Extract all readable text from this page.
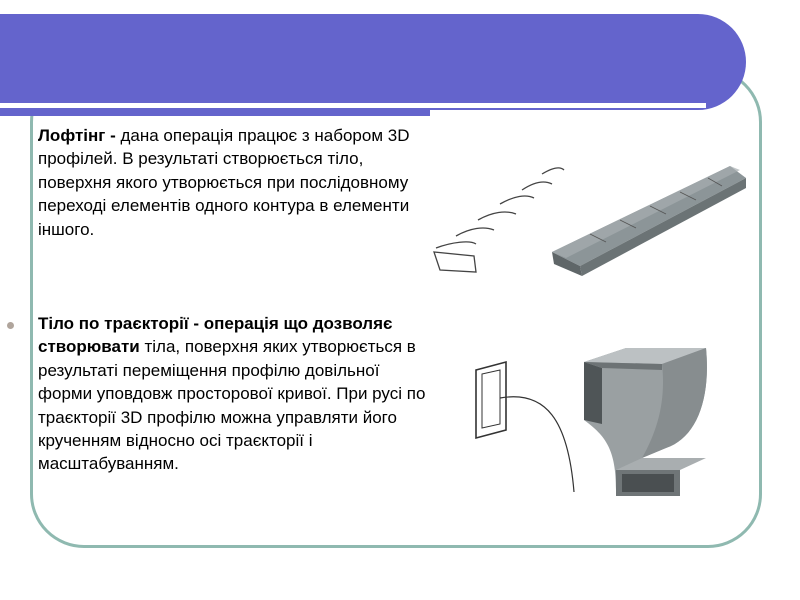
Лофтінг - дана операція працює з набором 3D профілей. В результаті створюється тіло, поверхня якого утворюється при послідовному переході елементів одного контура в елементи іншого.
Тіло по траєкторії - операція що дозволяє створювати тіла, поверхня яких утворюється в результаті переміщення профілю довільної форми уповдовж просторової кривої. При русі по траєкторії 3D профілю можна управляти його крученням відносно осі траєкторії і масштабуванням.
